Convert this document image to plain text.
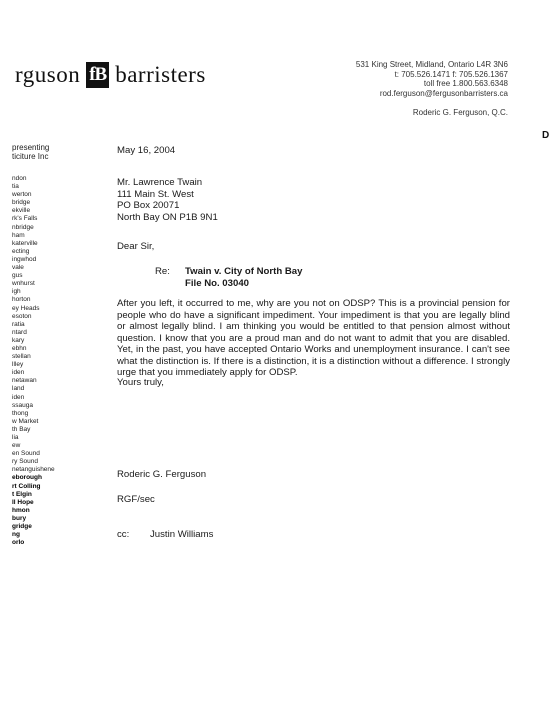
rguson fB barristers	531 King Street, Midland, Ontario L4R 3N6
t: 705.526.1471 f: 705.526.1367
toll free 1.800.563.6348
rod.ferguson@fergusonbarristers.ca
Roderic G. Ferguson, Q.C.
D
presenting
ticiture Inc
ndon
tia
werton
bridge
ekville
rk's Falls
nbridge
ham
katerville
ecting
ingwhod
vale
gus
wnhurst
igh
horton
ey Heads
esoton
ratia
ntard
kary
ebhn
stellan
llley
iden
netawan
land
iden
ssauga
thong
w Market
th Bay
lia
ew
en Sound
ry Sound
netanguishene
eborough
rt Colling
t Elgin
ll Hope
hmon
bury
gridge
ng
orlo
May 16, 2004
Mr. Lawrence Twain
111 Main St. West
PO Box 20071
North Bay ON P1B 9N1
Dear Sir,
Re: Twain v. City of North Bay
File No. 03040
After you left, it occurred to me, why are you not on ODSP? This is a provincial pension for people who do have a significant impediment. Your impediment is that you are legally blind or almost legally blind. I am thinking you would be entitled to that pension almost without question. I know that you are a proud man and do not want to admit that you are disabled. Yet, in the past, you have accepted Ontario Works and unemployment insurance. I can't see what the distinction is. If there is a distinction, it is a distinction without a difference. I strongly urge that you immediately apply for ODSP.
Yours truly,
Roderic G. Ferguson
RGF/sec
cc: Justin Williams
